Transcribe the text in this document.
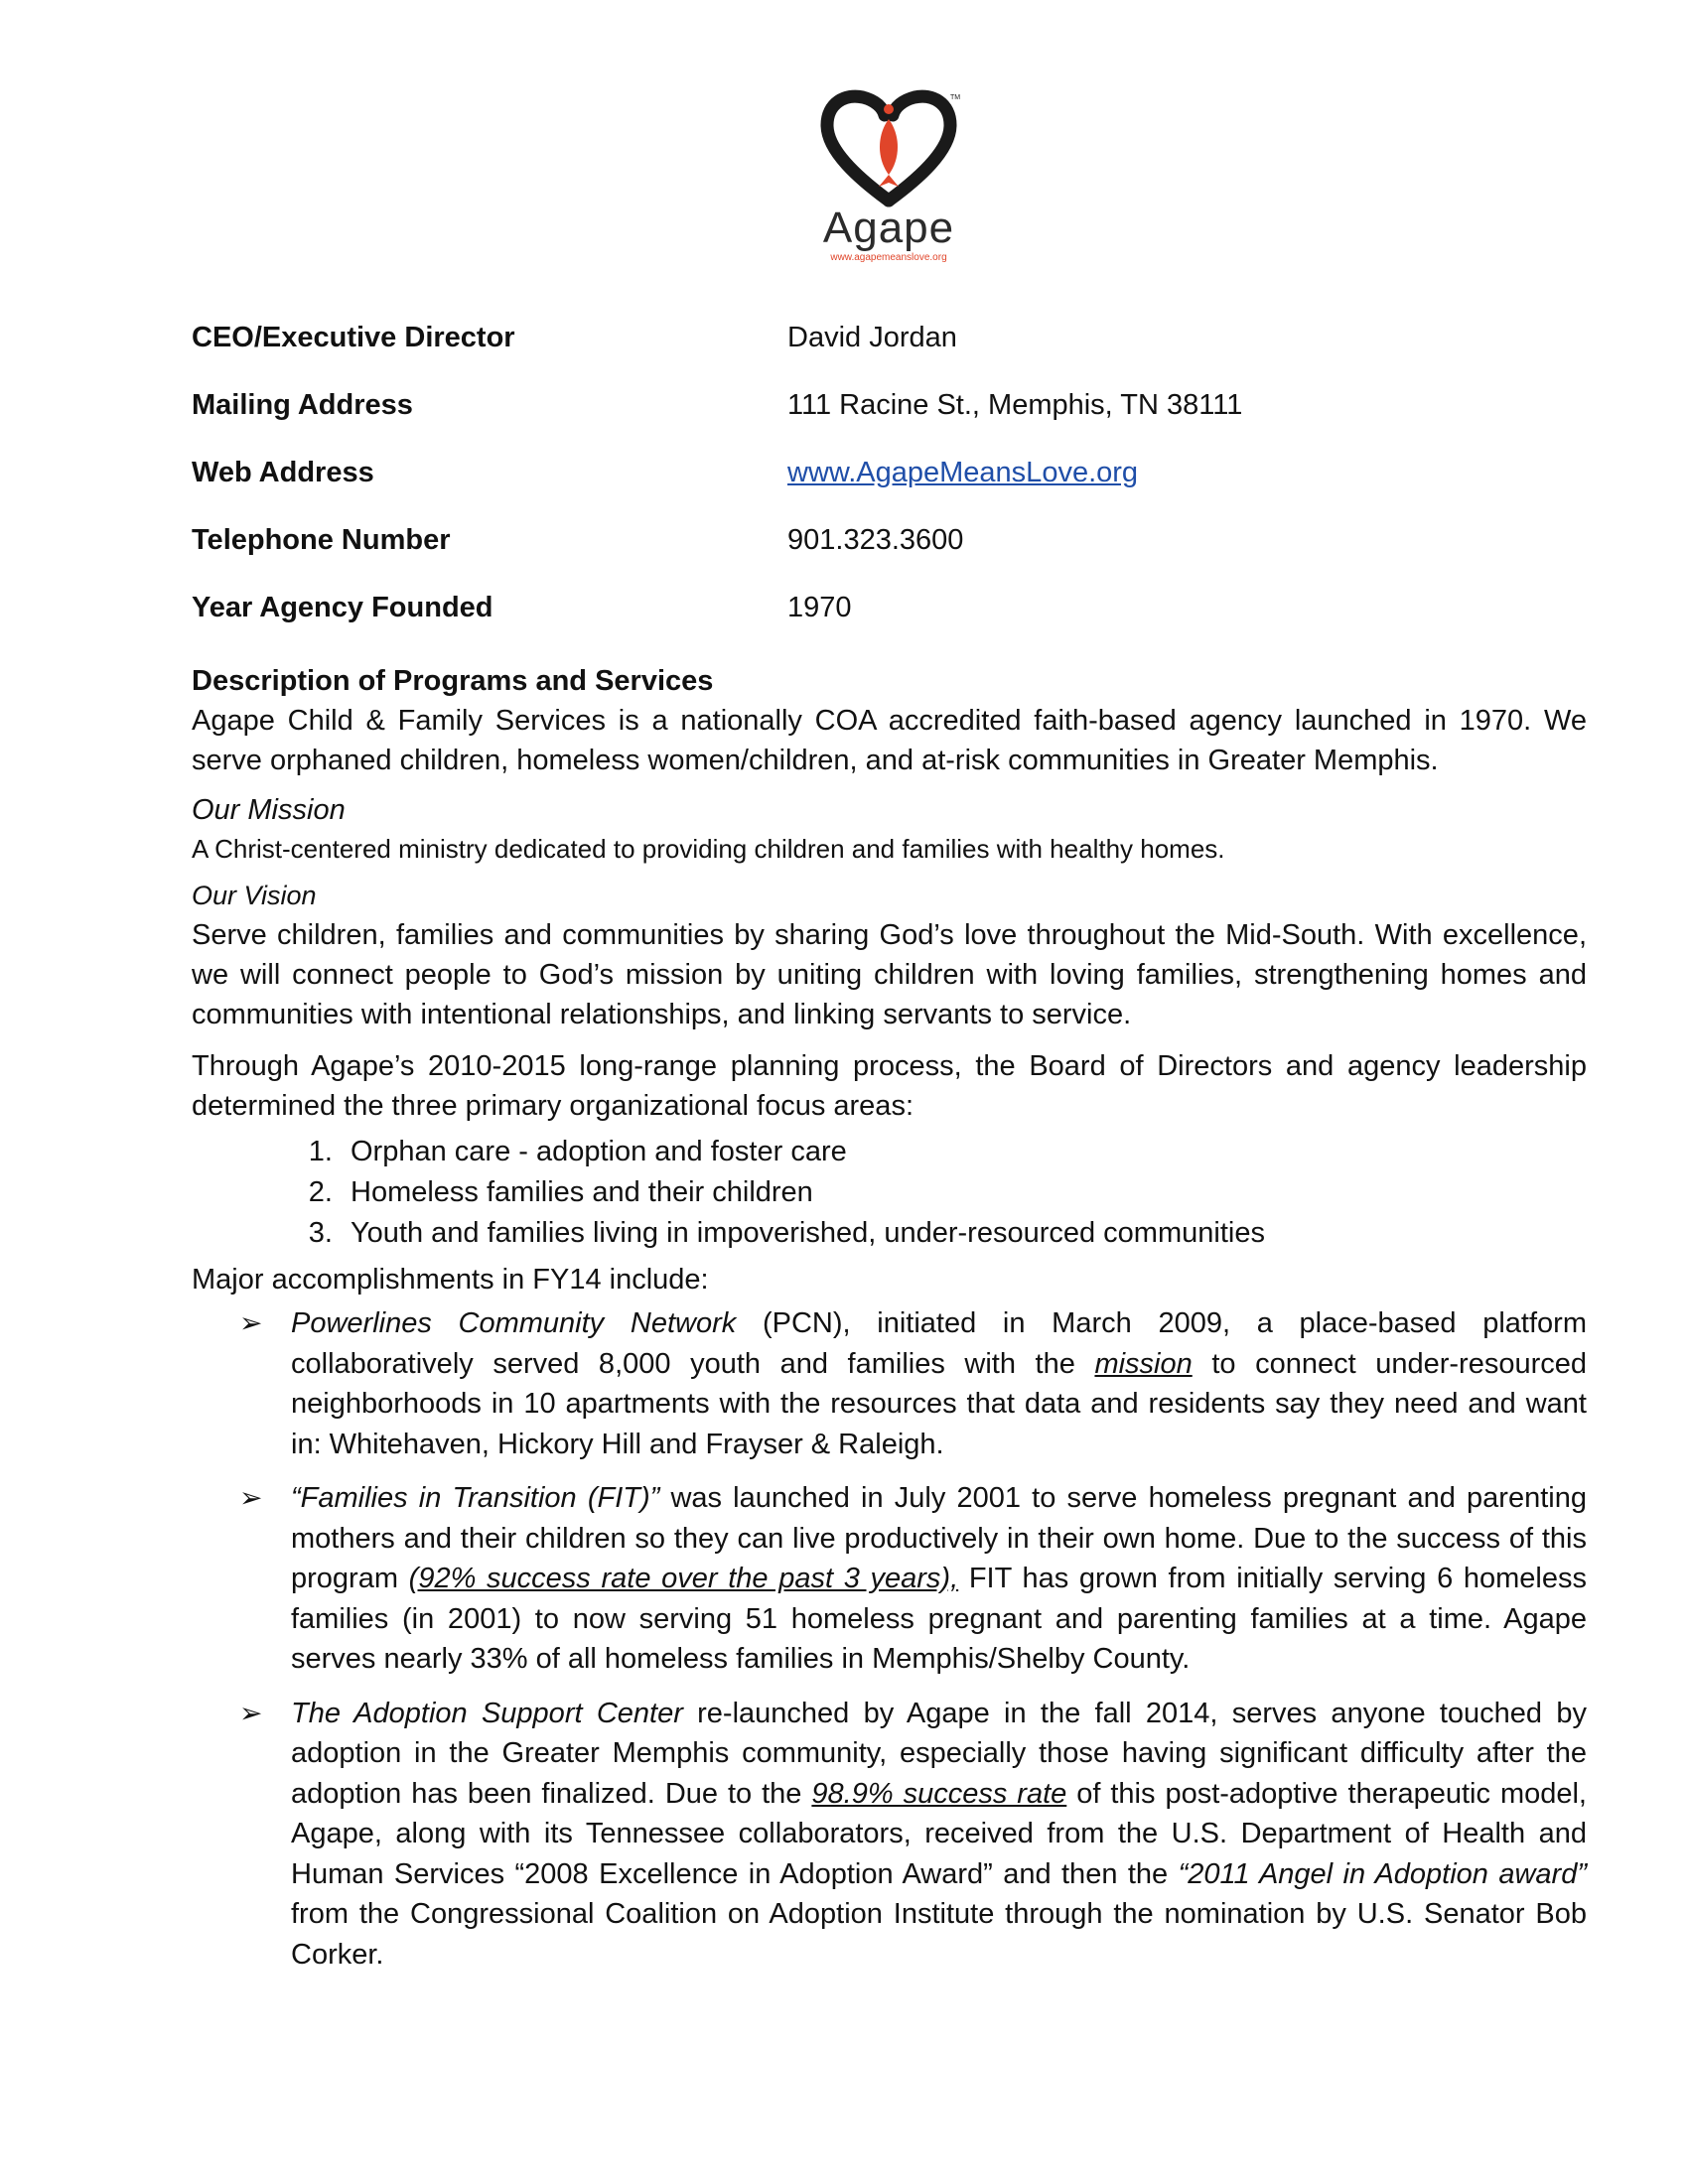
TM
Agape
www.agapemeanslove.org
CEO/Executive Director	David Jordan
Mailing Address	111 Racine St., Memphis, TN 38111
Web Address	www.AgapeMeansLove.org
Telephone Number	901.323.3600
Year Agency Founded	1970

Description of Programs and Services

Agape Child & Family Services is a nationally COA accredited faith-based agency launched in 1970. We serve orphaned children, homeless women/children, and at-risk communities in Greater Memphis.

Our Mission

A Christ-centered ministry dedicated to providing children and families with healthy homes.

Our Vision

Serve children, families and communities by sharing God’s love throughout the Mid-South. With excellence, we will connect people to God’s mission by uniting children with loving families, strengthening homes and communities with intentional relationships, and linking servants to service.

Through Agape’s 2010-2015 long-range planning process, the Board of Directors and agency leadership determined the three primary organizational focus areas:

1. Orphan care - adoption and foster care
2. Homeless families and their children
3. Youth and families living in impoverished, under-resourced communities

Major accomplishments in FY14 include:

➢ Powerlines Community Network (PCN), initiated in March 2009, a place-based platform collaboratively served 8,000 youth and families with the mission to connect under-resourced neighborhoods in 10 apartments with the resources that data and residents say they need and want in: Whitehaven, Hickory Hill and Frayser & Raleigh.
➢ “Families in Transition (FIT)” was launched in July 2001 to serve homeless pregnant and parenting mothers and their children so they can live productively in their own home. Due to the success of this program (92% success rate over the past 3 years), FIT has grown from initially serving 6 homeless families (in 2001) to now serving 51 homeless pregnant and parenting families at a time. Agape serves nearly 33% of all homeless families in Memphis/Shelby County.
➢ The Adoption Support Center re-launched by Agape in the fall 2014, serves anyone touched by adoption in the Greater Memphis community, especially those having significant difficulty after the adoption has been finalized. Due to the 98.9% success rate of this post-adoptive therapeutic model, Agape, along with its Tennessee collaborators, received from the U.S. Department of Health and Human Services “2008 Excellence in Adoption Award” and then the “2011 Angel in Adoption award” from the Congressional Coalition on Adoption Institute through the nomination by U.S. Senator Bob Corker.
